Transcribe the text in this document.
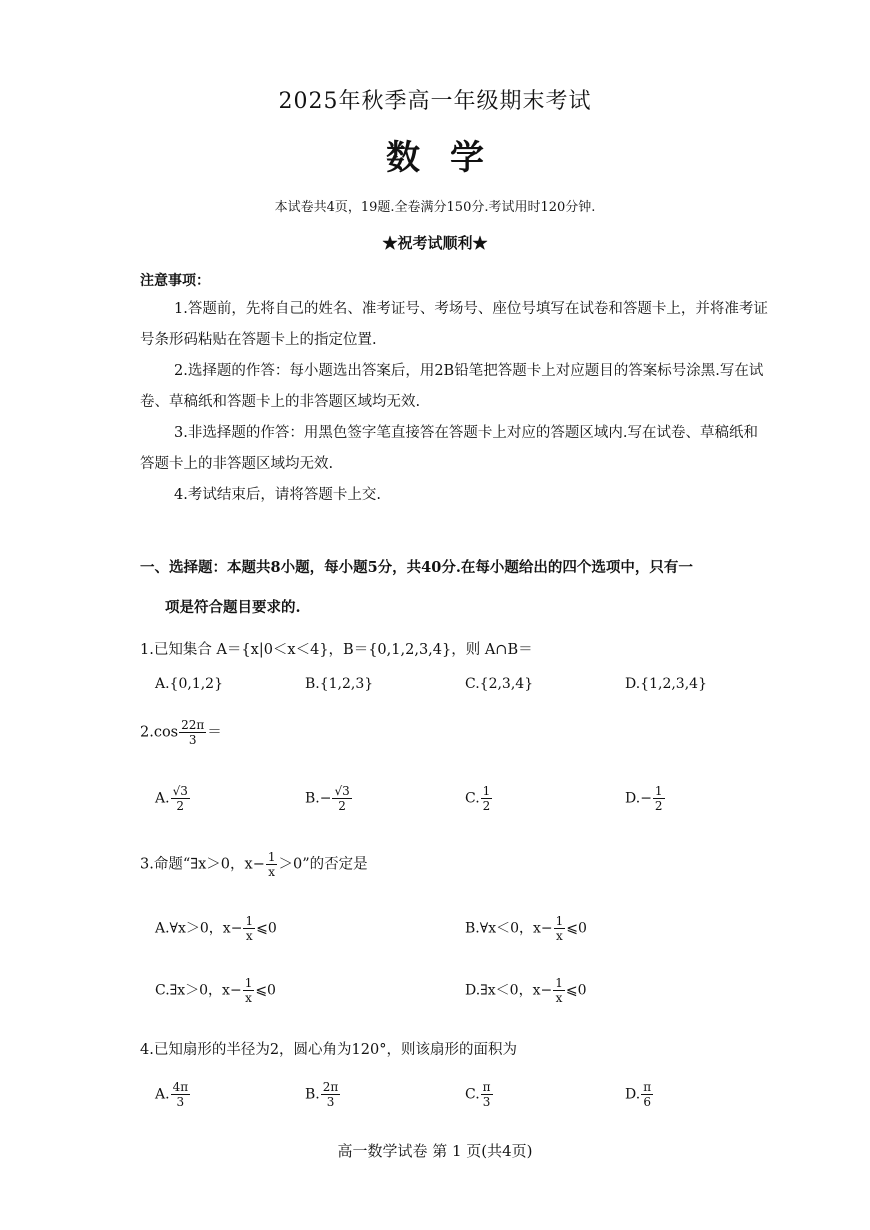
2025年秋季高一年级期末考试
数学
本试卷共4页，19题.全卷满分150分.考试用时120分钟.
★祝考试顺利★
注意事项：

1.答题前，先将自己的姓名、准考证号、考场号、座位号填写在试卷和答题卡上，并将准考证号条形码粘贴在答题卡上的指定位置.

2.选择题的作答：每小题选出答案后，用2B铅笔把答题卡上对应题目的答案标号涂黑.写在试卷、草稿纸和答题卡上的非答题区域均无效.

3.非选择题的作答：用黑色签字笔直接答在答题卡上对应的答题区域内.写在试卷、草稿纸和答题卡上的非答题区域均无效.

4.考试结束后，请将答题卡上交.

一、选择题：本题共8小题，每小题5分，共40分.在每小题给出的四个选项中，只有一
项是符合题目要求的.
1.已知集合 A＝{x|0＜x＜4}，B＝{0,1,2,3,4}，则 A∩B＝
A.{0,1,2}	B.{1,2,3}	C.{2,3,4}	D.{1,2,3,4}
$2.\cos \frac{22\pi}{3}$ ＝
A. $\frac{√3}{2}$	$B.- \frac{√3}{2}$	C. $\frac{1}{2}$	$D.- \frac{1}{2}$
3.命题“∃x＞0，$x- \frac{1}{x} >0$”的否定是
A.∀x＞0，$x- \frac{1}{x}$ ⩽0	B.∀x＜0，$x- \frac{1}{x}$ ⩽0
C.∃x＞0，$x- \frac{1}{x}$ ⩽0	D.∃x＜0，$x- \frac{1}{x}$ ⩽0
4.已知扇形的半径为2，圆心角为120°，则该扇形的面积为
A. $\frac{4\pi}{3}$	B. $\frac{2\pi}{3}$	C. $\frac{\pi}{3}$	D. $\frac{\pi}{6}$
高一数学试卷 第 1 页(共4页)
